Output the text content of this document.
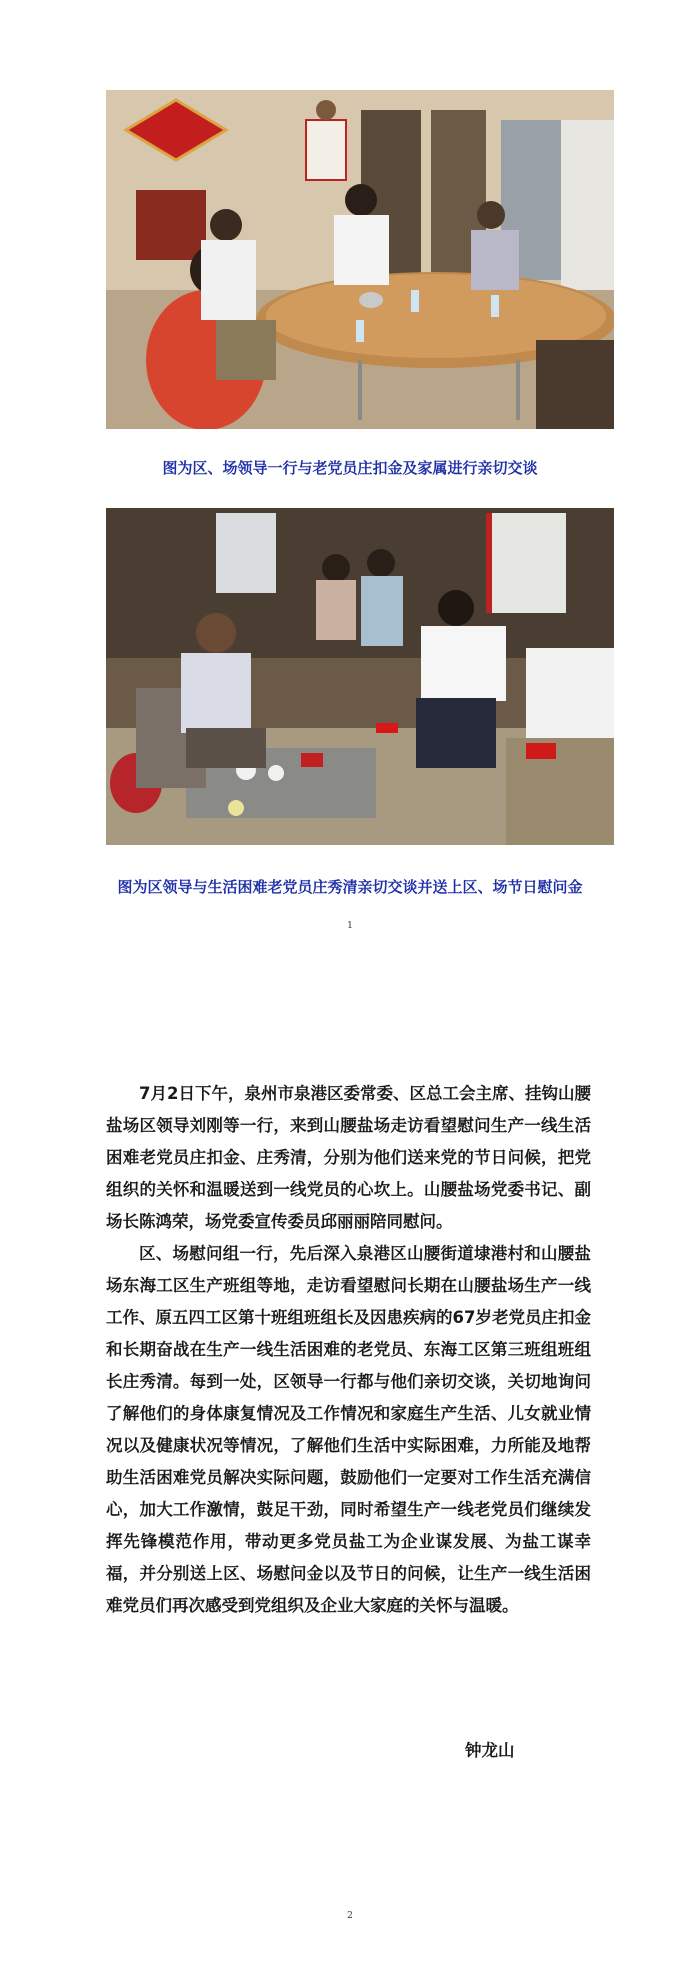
图为区、场领导一行与老党员庄扣金及家属进行亲切交谈
图为区领导与生活困难老党员庄秀清亲切交谈并送上区、场节日慰问金
1

7月2日下午，泉州市泉港区委常委、区总工会主席、挂钩山腰盐场区领导刘刚等一行，来到山腰盐场走访看望慰问生产一线生活困难老党员庄扣金、庄秀清，分别为他们送来党的节日问候，把党组织的关怀和温暖送到一线党员的心坎上。山腰盐场党委书记、副场长陈鸿荣，场党委宣传委员邱丽丽陪同慰问。

区、场慰问组一行，先后深入泉港区山腰街道埭港村和山腰盐场东海工区生产班组等地，走访看望慰问长期在山腰盐场生产一线工作、原五四工区第十班组班组长及因患疾病的67岁老党员庄扣金和长期奋战在生产一线生活困难的老党员、东海工区第三班组班组长庄秀清。每到一处，区领导一行都与他们亲切交谈，关切地询问了解他们的身体康复情况及工作情况和家庭生产生活、儿女就业情况以及健康状况等情况，了解他们生活中实际困难，力所能及地帮助生活困难党员解决实际问题，鼓励他们一定要对工作生活充满信心，加大工作激情，鼓足干劲，同时希望生产一线老党员们继续发挥先锋模范作用，带动更多党员盐工为企业谋发展、为盐工谋幸福，并分别送上区、场慰问金以及节日的问候，让生产一线生活困难党员们再次感受到党组织及企业大家庭的关怀与温暖。

钟龙山
2
